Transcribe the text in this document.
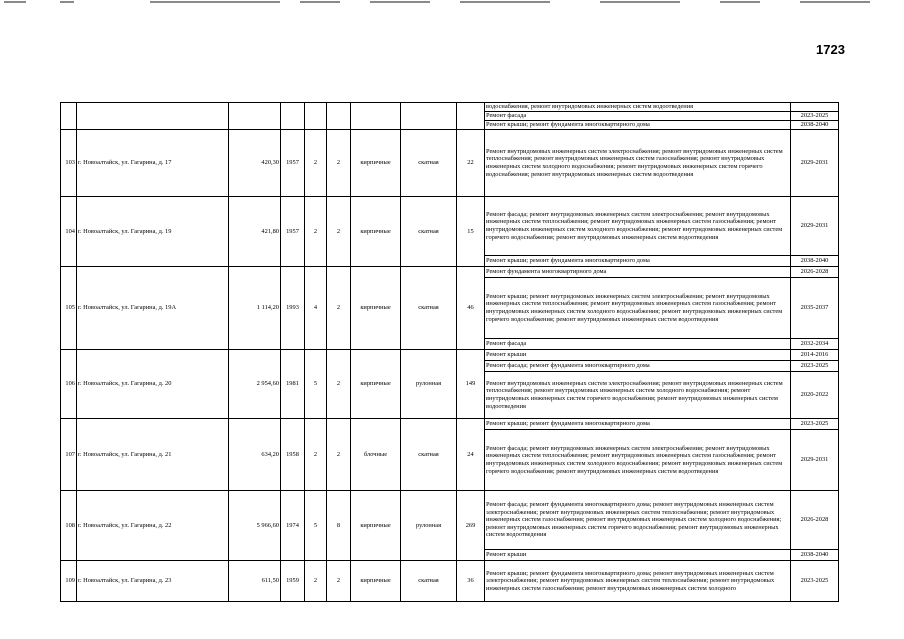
1723
									водоснабжения, ремонт внутридомовых инженерных систем водоотведения	
									Ремонт фасада	2023-2025
									Ремонт крыши; ремонт фундамента многоквартирного дома	2038-2040
103	г. Новоалтайск, ул. Гагарина, д. 17	420,30	1957	2	2	кирпичные	скатная	22	Ремонт внутридомовых инженерных систем электроснабжения; ремонт внутридомовых инженерных систем теплоснабжения; ремонт внутридомовых инженерных систем газоснабжения; ремонт внутридомовых инженерных систем холодного водоснабжения; ремонт внутридомовых инженерных систем горячего водоснабжения; ремонт внутридомовых инженерных систем водоотведения	2029-2031
104	г. Новоалтайск, ул. Гагарина, д. 19	421,80	1957	2	2	кирпичные	скатная	15	Ремонт фасада; ремонт внутридомовых инженерных систем электроснабжения; ремонт внутридомовых инженерных систем теплоснабжения; ремонт внутридомовых инженерных систем газоснабжения; ремонт внутридомовых инженерных систем холодного водоснабжения; ремонт внутридомовых инженерных систем горячего водоснабжения; ремонт внутридомовых инженерных систем водоотведения	2029-2031
									Ремонт крыши; ремонт фундамента многоквартирного дома	2038-2040
105	г. Новоалтайск, ул. Гагарина, д. 19А	1 114,20	1993	4	2	кирпичные	скатная	46	Ремонт фундамента многоквартирного дома	2026-2028
									Ремонт крыши; ремонт внутридомовых инженерных систем электроснабжения; ремонт внутридомовых инженерных систем теплоснабжения; ремонт внутридомовых инженерных систем газоснабжения; ремонт внутридомовых инженерных систем холодного водоснабжения; ремонт внутридомовых инженерных систем горячего водоснабжения; ремонт внутридомовых инженерных систем водоотведения	2035-2037
									Ремонт фасада	2032-2034
106	г. Новоалтайск, ул. Гагарина, д. 20	2 954,60	1981	5	2	кирпичные	рулонная	149	Ремонт крыши	2014-2016
									Ремонт фасада; ремонт фундамента многоквартирного дома	2023-2025
									Ремонт внутридомовых инженерных систем электроснабжения; ремонт внутридомовых инженерных систем теплоснабжения; ремонт внутридомовых инженерных систем холодного водоснабжения; ремонт внутридомовых инженерных систем горячего водоснабжения; ремонт внутридомовых инженерных систем водоотведения	2020-2022
107	г. Новоалтайск, ул. Гагарина, д. 21	634,20	1958	2	2	блочные	скатная	24	Ремонт крыши; ремонт фундамента многоквартирного дома	2023-2025
									Ремонт фасада; ремонт внутридомовых инженерных систем электроснабжения; ремонт внутридомовых инженерных систем теплоснабжения; ремонт внутридомовых инженерных систем газоснабжения; ремонт внутридомовых инженерных систем холодного водоснабжения; ремонт внутридомовых инженерных систем горячего водоснабжения; ремонт внутридомовых инженерных систем водоотведения	2029-2031
108	г. Новоалтайск, ул. Гагарина, д. 22	5 966,60	1974	5	8	кирпичные	рулонная	269	Ремонт фасада; ремонт фундамента многоквартирного дома; ремонт внутридомовых инженерных систем электроснабжения; ремонт внутридомовых инженерных систем теплоснабжения; ремонт внутридомовых инженерных систем газоснабжения; ремонт внутридомовых инженерных систем холодного водоснабжения; ремонт внутридомовых инженерных систем горячего водоснабжения; ремонт внутридомовых инженерных систем водоотведения	2026-2028
									Ремонт крыши	2038-2040
109	г. Новоалтайск, ул. Гагарина, д. 23	611,50	1959	2	2	кирпичные	скатная	36	Ремонт крыши; ремонт фундамента многоквартирного дома; ремонт внутридомовых инженерных систем электроснабжения; ремонт внутридомовых инженерных систем теплоснабжения; ремонт внутридомовых инженерных систем газоснабжения; ремонт внутридомовых инженерных систем холодного	2023-2025
